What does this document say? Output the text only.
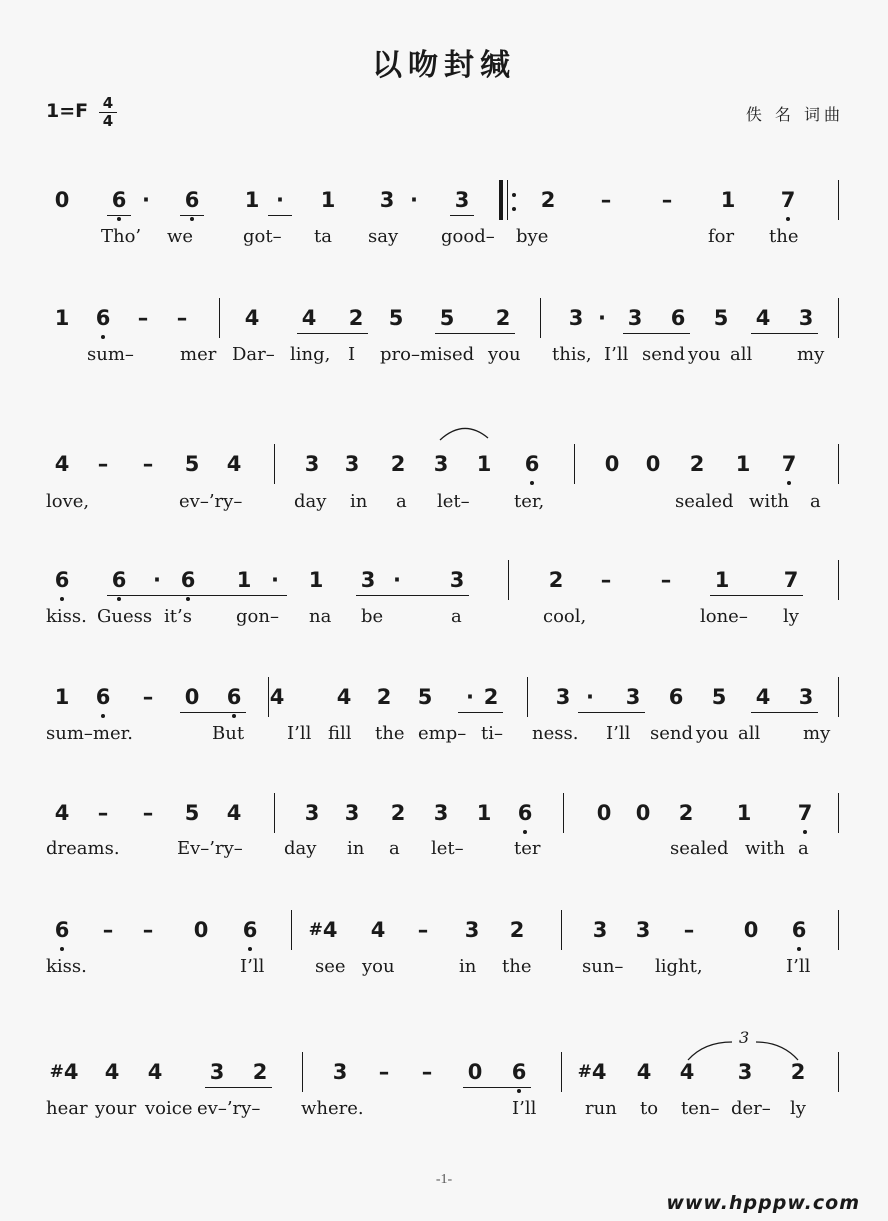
以吻封缄
1=F 4
4	佚 名 词曲
0 6 ·	6 1 ·	1 3 ·	3	2 – – 1 7
Tho’ we	got– ta say good– bye	for the
1 6 – –	4 4 2 5 5 2	3 ·	3 6 5 4 3
sum–	mer Dar– ling, I pro–mised you this, I’ll send you all my
4 – – 5 4	3 3 2 3 1 6	0 0 2 1 7
love,	ev–’ry–	day in a let– ter,	sealed with a
6 6	· 6 1 ·	1 3 ·	3	2 – – 1	7
kiss. Guess it’s gon– na be	a	cool,	lone– ly
1 6 – 0 6 4 4 2 5	· 2	3 ·	3 6 5 4 3
sum–mer.	But I’ll fill the emp– ti– ness. I’ll send you all my
4 – – 5 4	3 3 2 3 1 6	0 0 2 1 7
dreams.	Ev–’ry– day in a let–	ter	sealed with a
6 – – 0 6	#4 4 – 3 2	3 3 – 0 6
kiss.	I’ll	see you	in the	sun– light,	I’ll
#4 4 4 3 2	3 – – 0 6	#4 4 4 3 2
hear your voice ev–’ry– where.	I’ll	run to ten– der– ly
3
-1-
www.hpppw.com
